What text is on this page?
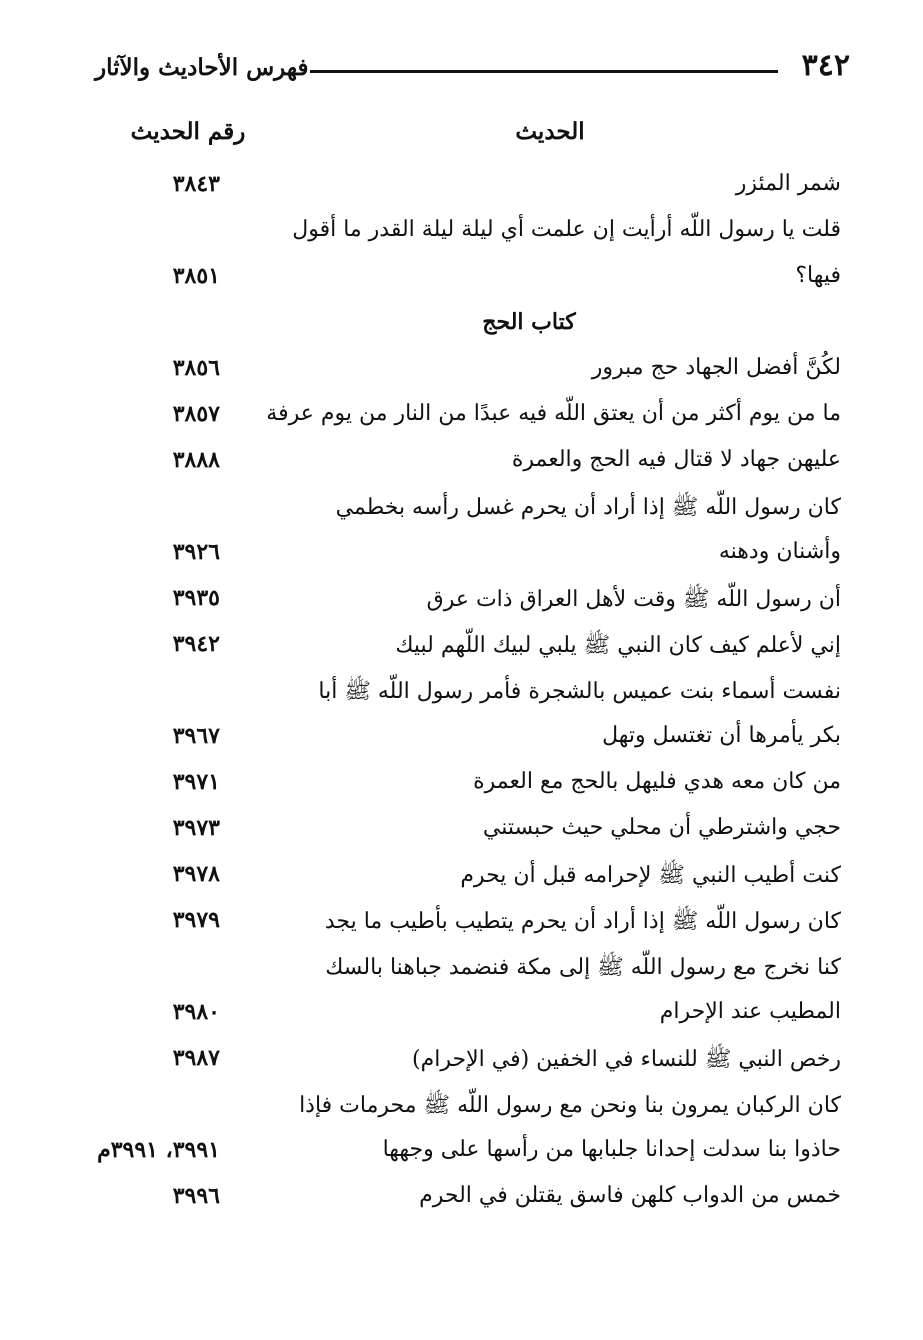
٣٤٢
فهرس الأحاديث والآثار
الحديث
رقم الحديث
شمر المئزر
٣٨٤٣
قلت يا رسول اللّه أرأيت إن علمت أي ليلة ليلة القدر ما أقول
فيها؟
٣٨٥١
كتاب الحج
لكُنَّ أفضل الجهاد حج مبرور
٣٨٥٦
ما من يوم أكثر من أن يعتق اللّه فيه عبدًا من النار من يوم عرفة
٣٨٥٧
عليهن جهاد لا قتال فيه الحج والعمرة
٣٨٨٨
كان رسول اللّه ﷺ إذا أراد أن يحرم غسل رأسه بخطمي
وأشنان ودهنه
٣٩٢٦
أن رسول اللّه ﷺ وقت لأهل العراق ذات عرق
٣٩٣٥
إني لأعلم كيف كان النبي ﷺ يلبي لبيك اللّهم لبيك
٣٩٤٢
نفست أسماء بنت عميس بالشجرة فأمر رسول اللّه ﷺ أبا
بكر يأمرها أن تغتسل وتهل
٣٩٦٧
من كان معه هدي فليهل بالحج مع العمرة
٣٩٧١
حجي واشترطي أن محلي حيث حبستني
٣٩٧٣
كنت أطيب النبي ﷺ لإحرامه قبل أن يحرم
٣٩٧٨
كان رسول اللّه ﷺ إذا أراد أن يحرم يتطيب بأطيب ما يجد
٣٩٧٩
كنا نخرج مع رسول اللّه ﷺ إلى مكة فنضمد جباهنا بالسك
المطيب عند الإحرام
٣٩٨٠
رخص النبي ﷺ للنساء في الخفين (في الإحرام)
٣٩٨٧
كان الركبان يمرون بنا ونحن مع رسول اللّه ﷺ محرمات فإذا
حاذوا بنا سدلت إحدانا جلبابها من رأسها على وجهها
٣٩٩١، ٣٩٩١م
خمس من الدواب كلهن فاسق يقتلن في الحرم
٣٩٩٦
